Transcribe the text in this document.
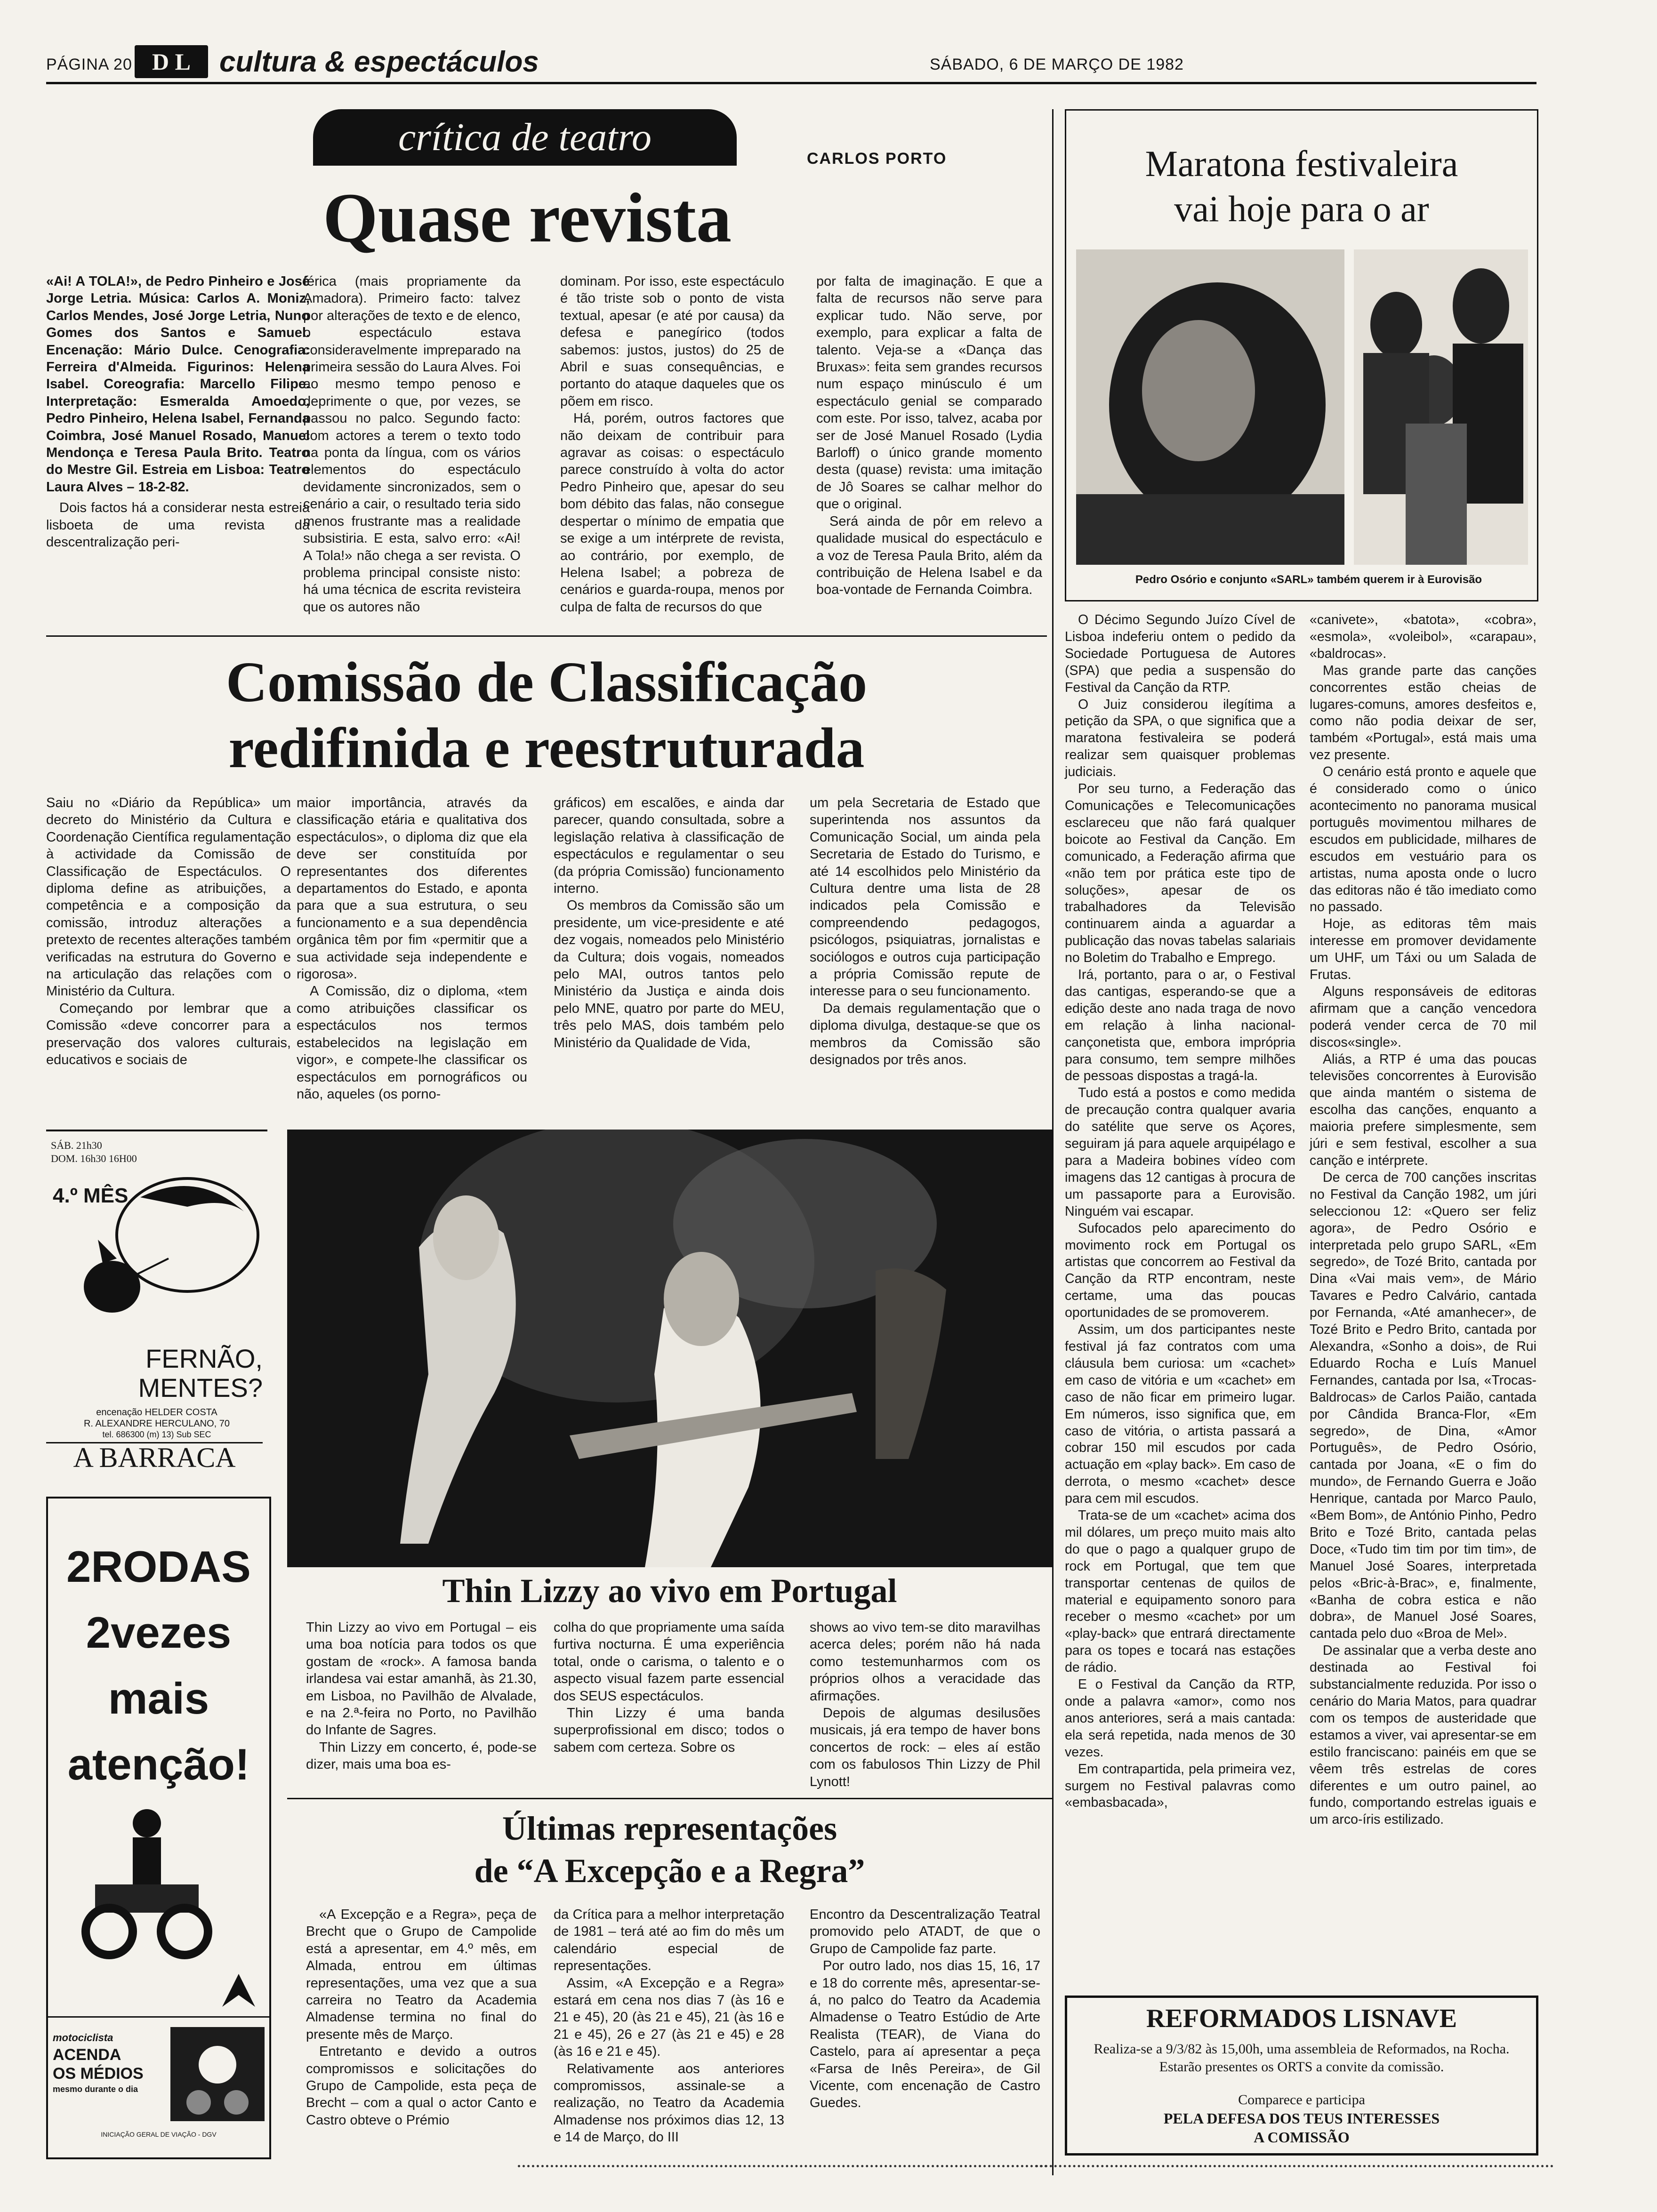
PÁGINA 20 D L cultura & espectáculos	SÁBADO, 6 DE MARÇO DE 1982
crítica de teatro	CARLOS PORTO
Quase revista

«Ai! A TOLA!», de Pedro Pinheiro e José Jorge Letria. Música: Carlos A. Moniz, Carlos Mendes, José Jorge Letria, Nuno Gomes dos Santos e Samuel. Encenação: Mário Dulce. Cenografia: Ferreira d'Almeida. Figurinos: Helena Isabel. Coreografia: Marcello Filipe. Interpretação: Esmeralda Amoedo, Pedro Pinheiro, Helena Isabel, Fernanda Coimbra, José Manuel Rosado, Manuel Mendonça e Teresa Paula Brito. Teatro do Mestre Gil. Estreia em Lisboa: Teatro Laura Alves – 18-2-82.

Dois factos há a considerar nesta estreia lisboeta de uma revista da descentralização peri-

férica (mais propriamente da Amadora). Primeiro facto: talvez por alterações de texto e de elenco, o espectáculo estava consideravelmente impreparado na primeira sessão do Laura Alves. Foi ao mesmo tempo penoso e deprimente o que, por vezes, se passou no palco. Segundo facto: com actores a terem o texto todo na ponta da língua, com os vários elementos do espectáculo devidamente sincronizados, sem o cenário a cair, o resultado teria sido menos frustrante mas a realidade subsistiria. E esta, salvo erro: «Ai! A Tola!» não chega a ser revista. O problema principal consiste nisto: há uma técnica de escrita revisteira que os autores não

dominam. Por isso, este espectáculo é tão triste sob o ponto de vista textual, apesar (e até por causa) da defesa e panegírico (todos sabemos: justos, justos) do 25 de Abril e suas consequências, e portanto do ataque daqueles que os põem em risco.

Há, porém, outros factores que não deixam de contribuir para agravar as coisas: o espectáculo parece construído à volta do actor Pedro Pinheiro que, apesar do seu bom débito das falas, não consegue despertar o mínimo de empatia que se exige a um intérprete de revista, ao contrário, por exemplo, de Helena Isabel; a pobreza de cenários e guarda-roupa, menos por culpa de falta de recursos do que

por falta de imaginação. E que a falta de recursos não serve para explicar tudo. Não serve, por exemplo, para explicar a falta de talento. Veja-se a «Dança das Bruxas»: feita sem grandes recursos num espaço minúsculo é um espectáculo genial se comparado com este. Por isso, talvez, acaba por ser de José Manuel Rosado (Lydia Barloff) o único grande momento desta (quase) revista: uma imitação de Jô Soares se calhar melhor do que o original.

Será ainda de pôr em relevo a qualidade musical do espectáculo e a voz de Teresa Paula Brito, além da contribuição de Helena Isabel e da boa-vontade de Fernanda Coimbra.

Comissão de Classificação
redifinida e reestruturada

Saiu no «Diário da República» um decreto do Ministério da Cultura e Coordenação Científica regulamentação à actividade da Comissão de Classificação de Espectáculos. O diploma define as atribuições, a competência e a composição da comissão, introduz alterações a pretexto de recentes alterações também verificadas na estrutura do Governo e na articulação das relações com o Ministério da Cultura.

Começando por lembrar que a Comissão «deve concorrer para a preservação dos valores culturais, educativos e sociais de

maior importância, através da classificação etária e qualitativa dos espectáculos», o diploma diz que ela deve ser constituída por representantes dos diferentes departamentos do Estado, e aponta para que a sua estrutura, o seu funcionamento e a sua dependência orgânica têm por fim «permitir que a sua actividade seja independente e rigorosa».

A Comissão, diz o diploma, «tem como atribuições classificar os espectáculos nos termos estabelecidos na legislação em vigor», e compete-lhe classificar os espectáculos em pornográficos ou não, aqueles (os porno-

gráficos) em escalões, e ainda dar parecer, quando consultada, sobre a legislação relativa à classificação de espectáculos e regulamentar o seu (da própria Comissão) funcionamento interno.

Os membros da Comissão são um presidente, um vice-presidente e até dez vogais, nomeados pelo Ministério da Cultura; dois vogais, nomeados pelo MAI, outros tantos pelo Ministério da Justiça e ainda dois pelo MNE, quatro por parte do MEU, três pelo MAS, dois também pelo Ministério da Qualidade de Vida,

um pela Secretaria de Estado que superintenda nos assuntos da Comunicação Social, um ainda pela Secretaria de Estado do Turismo, e até 14 escolhidos pelo Ministério da Cultura dentre uma lista de 28 indicados pela Comissão e compreendendo pedagogos, psicólogos, psiquiatras, jornalistas e sociólogos e outros cuja participação a própria Comissão repute de interesse para o seu funcionamento.

Da demais regulamentação que o diploma divulga, destaque-se que os membros da Comissão são designados por três anos.

Maratona festivaleira
vai hoje para o ar
Pedro Osório e conjunto «SARL» também querem ir à Eurovisão

O Décimo Segundo Juízo Cível de Lisboa indeferiu ontem o pedido da Sociedade Portuguesa de Autores (SPA) que pedia a suspensão do Festival da Canção da RTP.

O Juiz considerou ilegítima a petição da SPA, o que significa que a maratona festivaleira se poderá realizar sem quaisquer problemas judiciais.

Por seu turno, a Federação das Comunicações e Telecomunicações esclareceu que não fará qualquer boicote ao Festival da Canção. Em comunicado, a Federação afirma que «não tem por prática este tipo de soluções», apesar de os trabalhadores da Televisão continuarem ainda a aguardar a publicação das novas tabelas salariais no Boletim do Trabalho e Emprego.

Irá, portanto, para o ar, o Festival das cantigas, esperando-se que a edição deste ano nada traga de novo em relação à linha nacional-cançonetista que, embora imprópria para consumo, tem sempre milhões de pessoas dispostas a tragá-la.

Tudo está a postos e como medida de precaução contra qualquer avaria do satélite que serve os Açores, seguiram já para aquele arquipélago e para a Madeira bobines vídeo com imagens das 12 cantigas à procura de um passaporte para a Eurovisão. Ninguém vai escapar.

Sufocados pelo aparecimento do movimento rock em Portugal os artistas que concorrem ao Festival da Canção da RTP encontram, neste certame, uma das poucas oportunidades de se promoverem.

Assim, um dos participantes neste festival já faz contratos com uma cláusula bem curiosa: um «cachet» em caso de vitória e um «cachet» em caso de não ficar em primeiro lugar. Em números, isso significa que, em caso de vitória, o artista passará a cobrar 150 mil escudos por cada actuação em «play back». Em caso de derrota, o mesmo «cachet» desce para cem mil escudos.

Trata-se de um «cachet» acima dos mil dólares, um preço muito mais alto do que o pago a qualquer grupo de rock em Portugal, que tem que transportar centenas de quilos de material e equipamento sonoro para receber o mesmo «cachet» por um «play-back» que entrará directamente para os topes e tocará nas estações de rádio.

E o Festival da Canção da RTP, onde a palavra «amor», como nos anos anteriores, será a mais cantada: ela será repetida, nada menos de 30 vezes.

Em contrapartida, pela primeira vez, surgem no Festival palavras como «embasbacada»,

«canivete», «batota», «cobra», «esmola», «voleibol», «carapau», «baldrocas».

Mas grande parte das canções concorrentes estão cheias de lugares-comuns, amores desfeitos e, como não podia deixar de ser, também «Portugal», está mais uma vez presente.

O cenário está pronto e aquele que é considerado como o único acontecimento no panorama musical português movimentou milhares de escudos em publicidade, milhares de escudos em vestuário para os artistas, numa aposta onde o lucro das editoras não é tão imediato como no passado.

Hoje, as editoras têm mais interesse em promover devidamente um UHF, um Táxi ou um Salada de Frutas.

Alguns responsáveis de editoras afirmam que a canção vencedora poderá vender cerca de 70 mil discos«single».

Aliás, a RTP é uma das poucas televisões concorrentes à Eurovisão que ainda mantém o sistema de escolha das canções, enquanto a maioria prefere simplesmente, sem júri e sem festival, escolher a sua canção e intérprete.

De cerca de 700 canções inscritas no Festival da Canção 1982, um júri seleccionou 12: «Quero ser feliz agora», de Pedro Osório e interpretada pelo grupo SARL, «Em segredo», de Tozé Brito, cantada por Dina «Vai mais vem», de Mário Tavares e Pedro Calvário, cantada por Fernanda, «Até amanhecer», de Tozé Brito e Pedro Brito, cantada por Alexandra, «Sonho a dois», de Rui Eduardo Rocha e Luís Manuel Fernandes, cantada por Isa, «Trocas-Baldrocas» de Carlos Paião, cantada por Cândida Branca-Flor, «Em segredo», de Dina, «Amor Português», de Pedro Osório, cantada por Joana, «E o fim do mundo», de Fernando Guerra e João Henrique, cantada por Marco Paulo, «Bem Bom», de António Pinho, Pedro Brito e Tozé Brito, cantada pelas Doce, «Tudo tim tim por tim tim», de Manuel José Soares, interpretada pelos «Bric-à-Brac», e, finalmente, «Banha de cobra estica e não dobra», de Manuel José Soares, cantada pelo duo «Broa de Mel».

De assinalar que a verba deste ano destinada ao Festival foi substancialmente reduzida. Por isso o cenário do Maria Matos, para quadrar com os tempos de austeridade que estamos a viver, vai apresentar-se em estilo franciscano: painéis em que se vêem três estrelas de cores diferentes e um outro painel, ao fundo, comportando estrelas iguais e um arco-íris estilizado.

SÁB. 21h30
DOM. 16h30 16H00
4.º MÊS
FERNÃO,
MENTES?
encenação HELDER COSTA
R. ALEXANDRE HERCULANO, 70
tel. 686300 (m) 13) Sub SEC
A BARRACA
2RODAS
2vezes
mais
atenção!
motociclista
ACENDA
OS MÉDIOS
mesmo durante o dia
INICIAÇÃO GERAL DE VIAÇÃO - DGV
Thin Lizzy ao vivo em Portugal

Thin Lizzy ao vivo em Portugal – eis uma boa notícia para todos os que gostam de «rock». A famosa banda irlandesa vai estar amanhã, às 21.30, em Lisboa, no Pavilhão de Alvalade, e na 2.ª-feira no Porto, no Pavilhão do Infante de Sagres.

Thin Lizzy em concerto, é, pode-se dizer, mais uma boa es-

colha do que propriamente uma saída furtiva nocturna. É uma experiência total, onde o carisma, o talento e o aspecto visual fazem parte essencial dos SEUS espectáculos.

Thin Lizzy é uma banda superprofissional em disco; todos o sabem com certeza. Sobre os

shows ao vivo tem-se dito maravilhas acerca deles; porém não há nada como testemunharmos com os próprios olhos a veracidade das afirmações.

Depois de algumas desilusões musicais, já era tempo de haver bons concertos de rock: – eles aí estão com os fabulosos Thin Lizzy de Phil Lynott!

Últimas representações
de “A Excepção e a Regra”

«A Excepção e a Regra», peça de Brecht que o Grupo de Campolide está a apresentar, em 4.º mês, em Almada, entrou em últimas representações, uma vez que a sua carreira no Teatro da Academia Almadense termina no final do presente mês de Março.

Entretanto e devido a outros compromissos e solicitações do Grupo de Campolide, esta peça de Brecht – com a qual o actor Canto e Castro obteve o Prémio

da Crítica para a melhor interpretação de 1981 – terá até ao fim do mês um calendário especial de representações.

Assim, «A Excepção e a Regra» estará em cena nos dias 7 (às 16 e 21 e 45), 20 (às 21 e 45), 21 (às 16 e 21 e 45), 26 e 27 (às 21 e 45) e 28 (às 16 e 21 e 45).

Relativamente aos anteriores compromissos, assinale-se a realização, no Teatro da Academia Almadense nos próximos dias 12, 13 e 14 de Março, do III

Encontro da Descentralização Teatral promovido pelo ATADT, de que o Grupo de Campolide faz parte.

Por outro lado, nos dias 15, 16, 17 e 18 do corrente mês, apresentar-se-á, no palco do Teatro da Academia Almadense o Teatro Estúdio de Arte Realista (TEAR), de Viana do Castelo, para aí apresentar a peça «Farsa de Inês Pereira», de Gil Vicente, com encenação de Castro Guedes.

REFORMADOS LISNAVE
Realiza-se a 9/3/82 às 15,00h, uma assembleia de Reformados, na Rocha. Estarão presentes os ORTS a convite da comissão.
Comparece e participa
PELA DEFESA DOS TEUS INTERESSES
A COMISSÃO
